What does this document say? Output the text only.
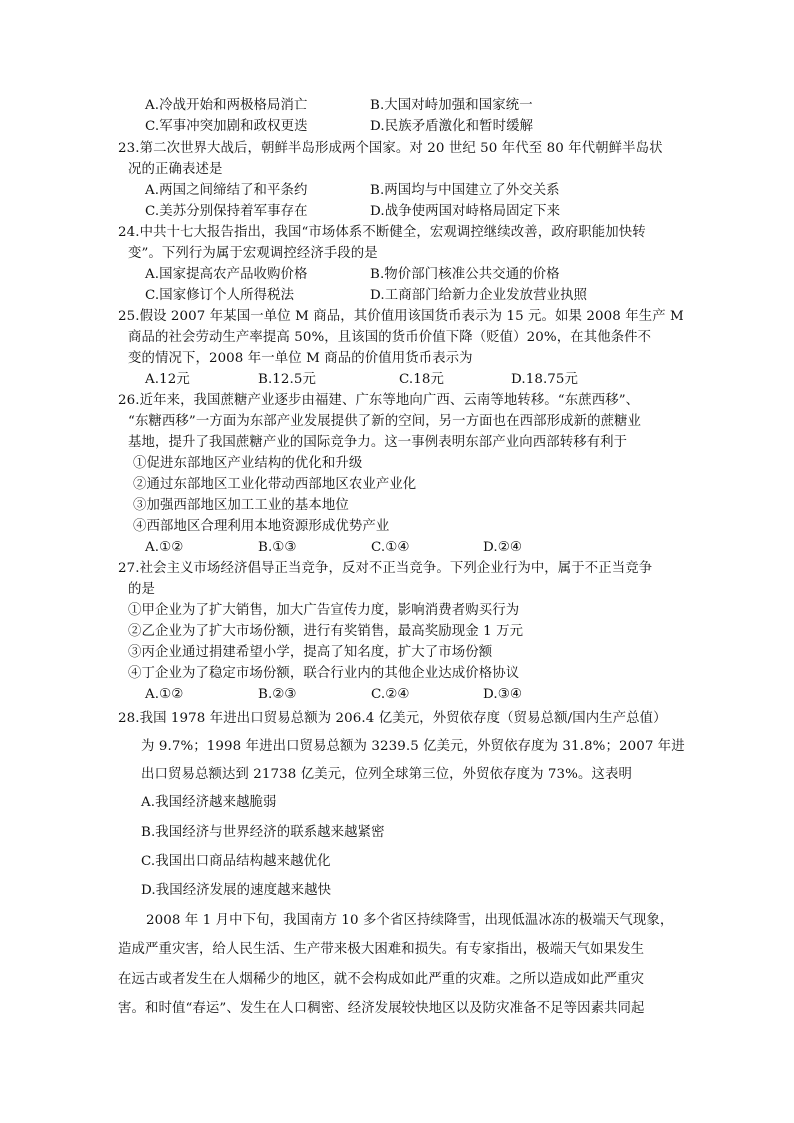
A.冷战开始和两极格局消亡	B.大国对峙加强和国家统一
C.军事冲突加剧和政权更迭	D.民族矛盾激化和暂时缓解
23.第二次世界大战后，朝鲜半岛形成两个国家。对 20 世纪 50 年代至 80 年代朝鲜半岛状
况的正确表述是
A.两国之间缔结了和平条约	B.两国均与中国建立了外交关系
C.美苏分别保持着军事存在	D.战争使两国对峙格局固定下来
24.中共十七大报告指出，我国“市场体系不断健全，宏观调控继续改善，政府职能加快转
变”。下列行为属于宏观调控经济手段的是
A.国家提高农产品收购价格	B.物价部门核准公共交通的价格
C.国家修订个人所得税法	D.工商部门给新力企业发放营业执照
25.假设 2007 年某国一单位 M 商品，其价值用该国货币表示为 15 元。如果 2008 年生产 M
商品的社会劳动生产率提高 50%，且该国的货币价值下降（贬值）20%，在其他条件不
变的情况下，2008 年一单位 M 商品的价值用货币表示为
A.12元	B.12.5元	C.18元	D.18.75元
26.近年来，我国蔗糖产业逐步由福建、广东等地向广西、云南等地转移。“东蔗西移”、
“东糖西移”一方面为东部产业发展提供了新的空间，另一方面也在西部形成新的蔗糖业
基地，提升了我国蔗糖产业的国际竞争力。这一事例表明东部产业向西部转移有利于
①促进东部地区产业结构的优化和升级
②通过东部地区工业化带动西部地区农业产业化
③加强西部地区加工工业的基本地位
④西部地区合理利用本地资源形成优势产业
A.①②	B.①③	C.①④	D.②④
27.社会主义市场经济倡导正当竞争，反对不正当竞争。下列企业行为中，属于不正当竞争
的是
①甲企业为了扩大销售，加大广告宣传力度，影响消费者购买行为
②乙企业为了扩大市场份额，进行有奖销售，最高奖励现金 1 万元
③丙企业通过捐建希望小学，提高了知名度，扩大了市场份额
④丁企业为了稳定市场份额，联合行业内的其他企业达成价格协议
A.①②	B.②③	C.②④	D.③④
28.我国 1978 年进出口贸易总额为 206.4 亿美元，外贸依存度（贸易总额/国内生产总值）
为 9.7%；1998 年进出口贸易总额为 3239.5 亿美元，外贸依存度为 31.8%；2007 年进
出口贸易总额达到 21738 亿美元，位列全球第三位，外贸依存度为 73%。这表明
A.我国经济越来越脆弱
B.我国经济与世界经济的联系越来越紧密
C.我国出口商品结构越来越优化
D.我国经济发展的速度越来越快
2008 年 1 月中下旬，我国南方 10 多个省区持续降雪，出现低温冰冻的极端天气现象，
造成严重灾害，给人民生活、生产带来极大困难和损失。有专家指出，极端天气如果发生
在远古或者发生在人烟稀少的地区，就不会构成如此严重的灾难。之所以造成如此严重灾
害。和时值“春运”、发生在人口稠密、经济发展较快地区以及防灾准备不足等因素共同起
